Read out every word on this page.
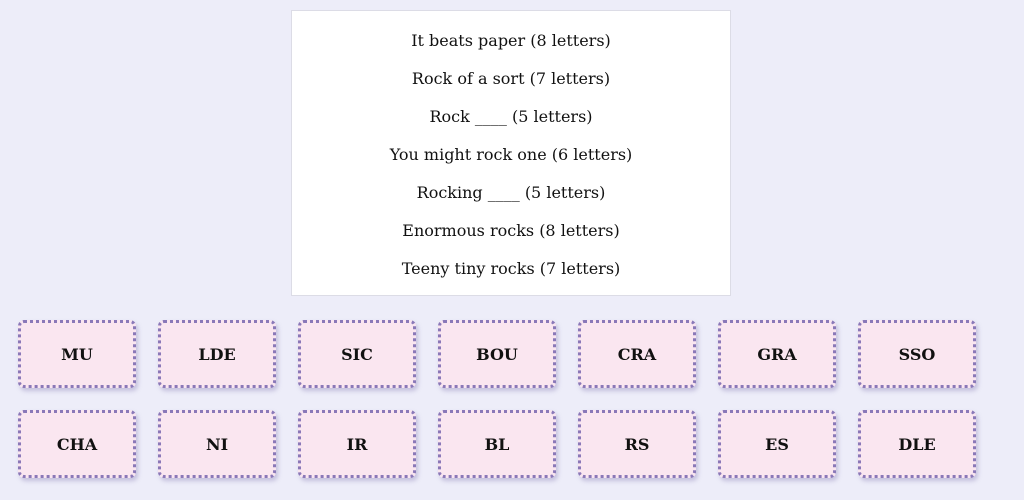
It beats paper (8 letters)
Rock of a sort (7 letters)
Rock ____ (5 letters)
You might rock one (6 letters)
Rocking ____ (5 letters)
Enormous rocks (8 letters)
Teeny tiny rocks (7 letters)
MU	LDE	SIC	BOU	CRA	GRA	SSO
CHA	NI	IR	BL	RS	ES	DLE
